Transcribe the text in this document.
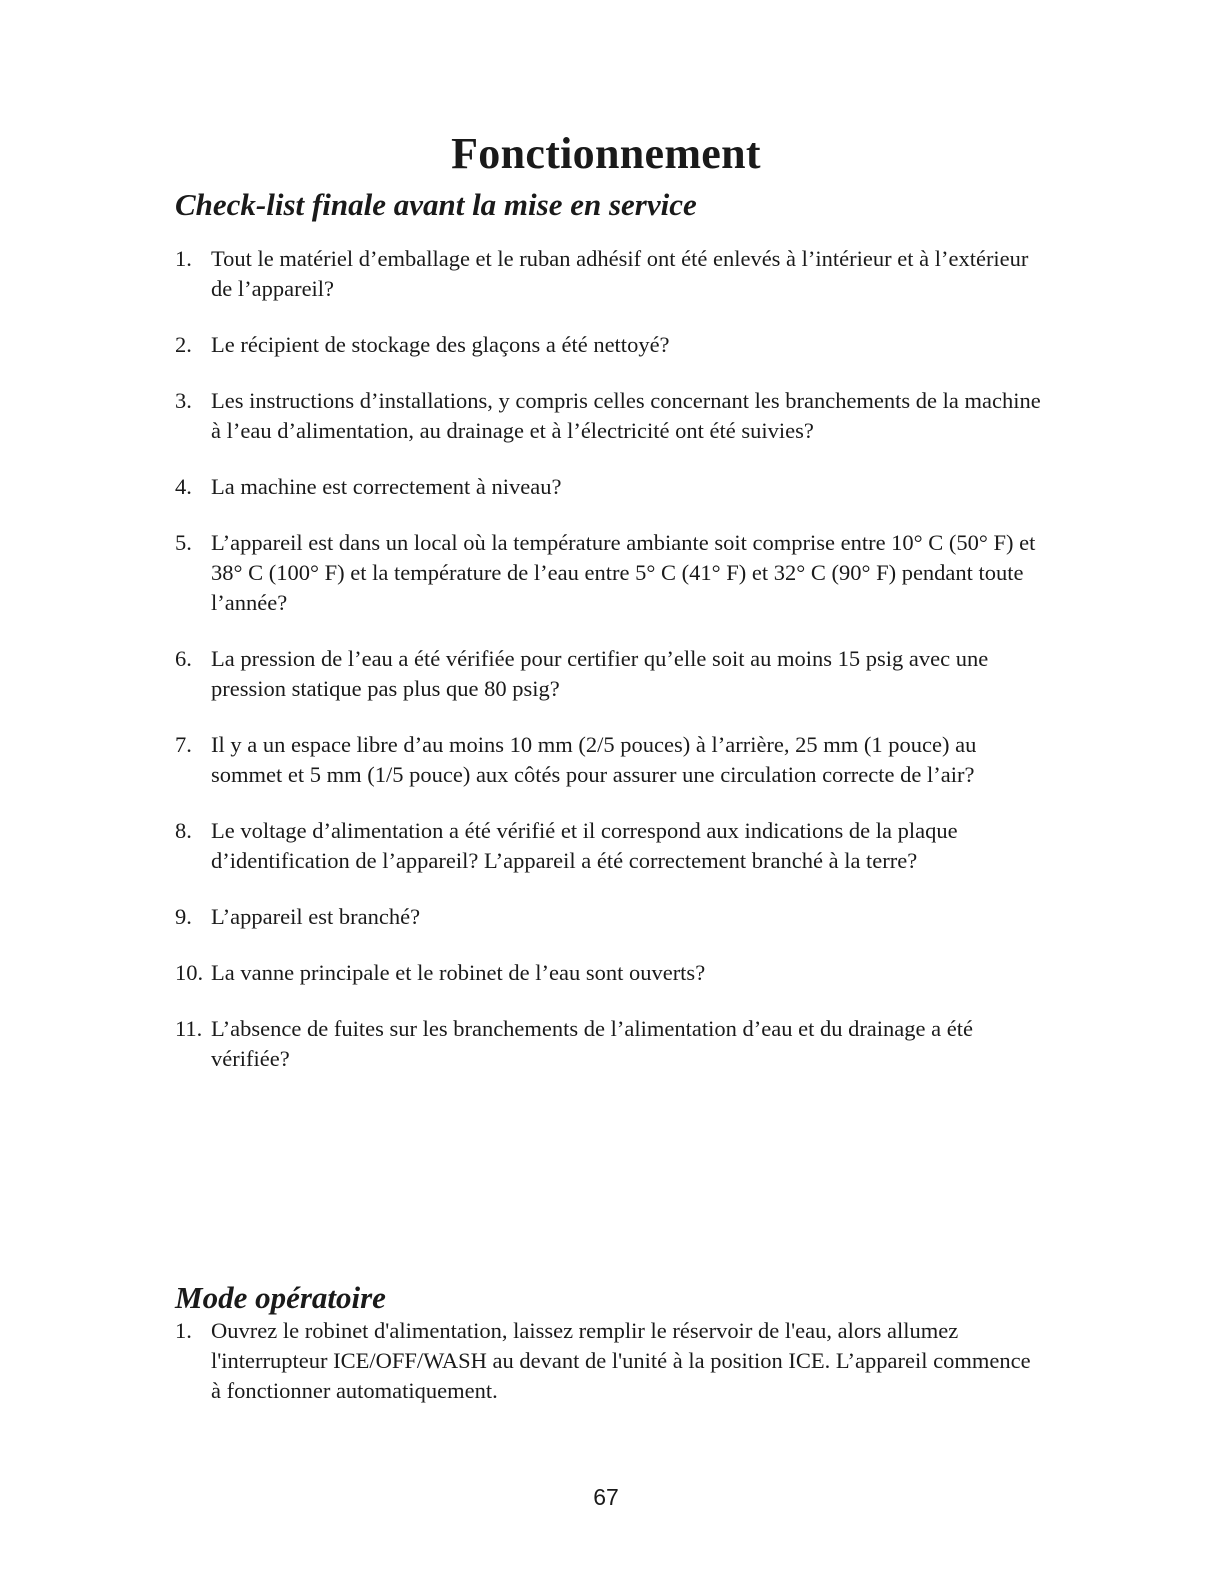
Fonctionnement
Check-list finale avant la mise en service
1. Tout le matériel d’emballage et le ruban adhésif ont été enlevés à l’intérieur et à l’extérieur de l’appareil?
2. Le récipient de stockage des glaçons a été nettoyé?
3. Les instructions d’installations, y compris celles concernant les branchements de la machine à l’eau d’alimentation, au drainage et à l’électricité ont été suivies?
4. La machine est correctement à niveau?
5. L’appareil est dans un local où la température ambiante soit comprise entre 10° C (50° F) et 38° C (100° F) et la température de l’eau entre 5° C (41° F) et 32° C (90° F) pendant toute l’année?
6. La pression de l’eau a été vérifiée pour certifier qu’elle soit au moins 15 psig avec une pression statique pas plus que 80 psig?
7. Il y a un espace libre d’au moins 10 mm (2/5 pouces) à l’arrière, 25 mm (1 pouce) au sommet et 5 mm (1/5 pouce) aux côtés pour assurer une circulation correcte de l’air?
8. Le voltage d’alimentation a été vérifié et il correspond aux indications de la plaque d’identification de l’appareil? L’appareil a été correctement branché à la terre?
9. L’appareil est branché?
10. La vanne principale et le robinet de l’eau sont ouverts?
11. L’absence de fuites sur les branchements de l’alimentation d’eau et du drainage a été vérifiée?
Mode opératoire
1. Ouvrez le robinet d'alimentation, laissez remplir le réservoir de l'eau, alors allumez l'interrupteur ICE/OFF/WASH au devant de l'unité à la position ICE. L’appareil commence à fonctionner automatiquement.
67
